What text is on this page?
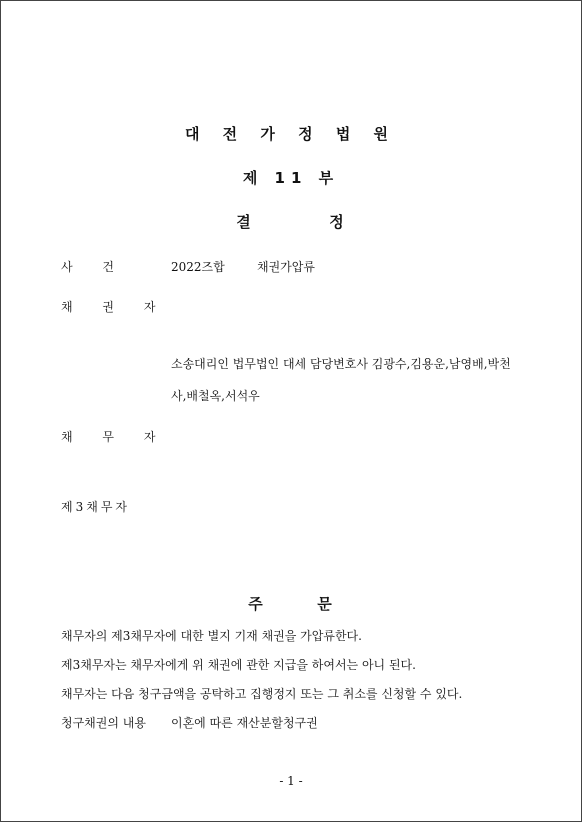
대 전 가 정 법 원
제 11 부
결	정
사 건	2022즈합	채권가압류
채 권 자
소송대리인 법무법인 대세 담당변호사 김광수,김용운,남영배,박천
사,배철옥,서석우
채 무 자
제3채무자
주	문
채무자의 제3채무자에 대한 별지 기재 채권을 가압류한다.
제3채무자는 채무자에게 위 채권에 관한 지급을 하여서는 아니 된다.
채무자는 다음 청구금액을 공탁하고 집행정지 또는 그 취소를 신청할 수 있다.
청구채권의 내용 이혼에 따른 재산분할청구권
- 1 -
